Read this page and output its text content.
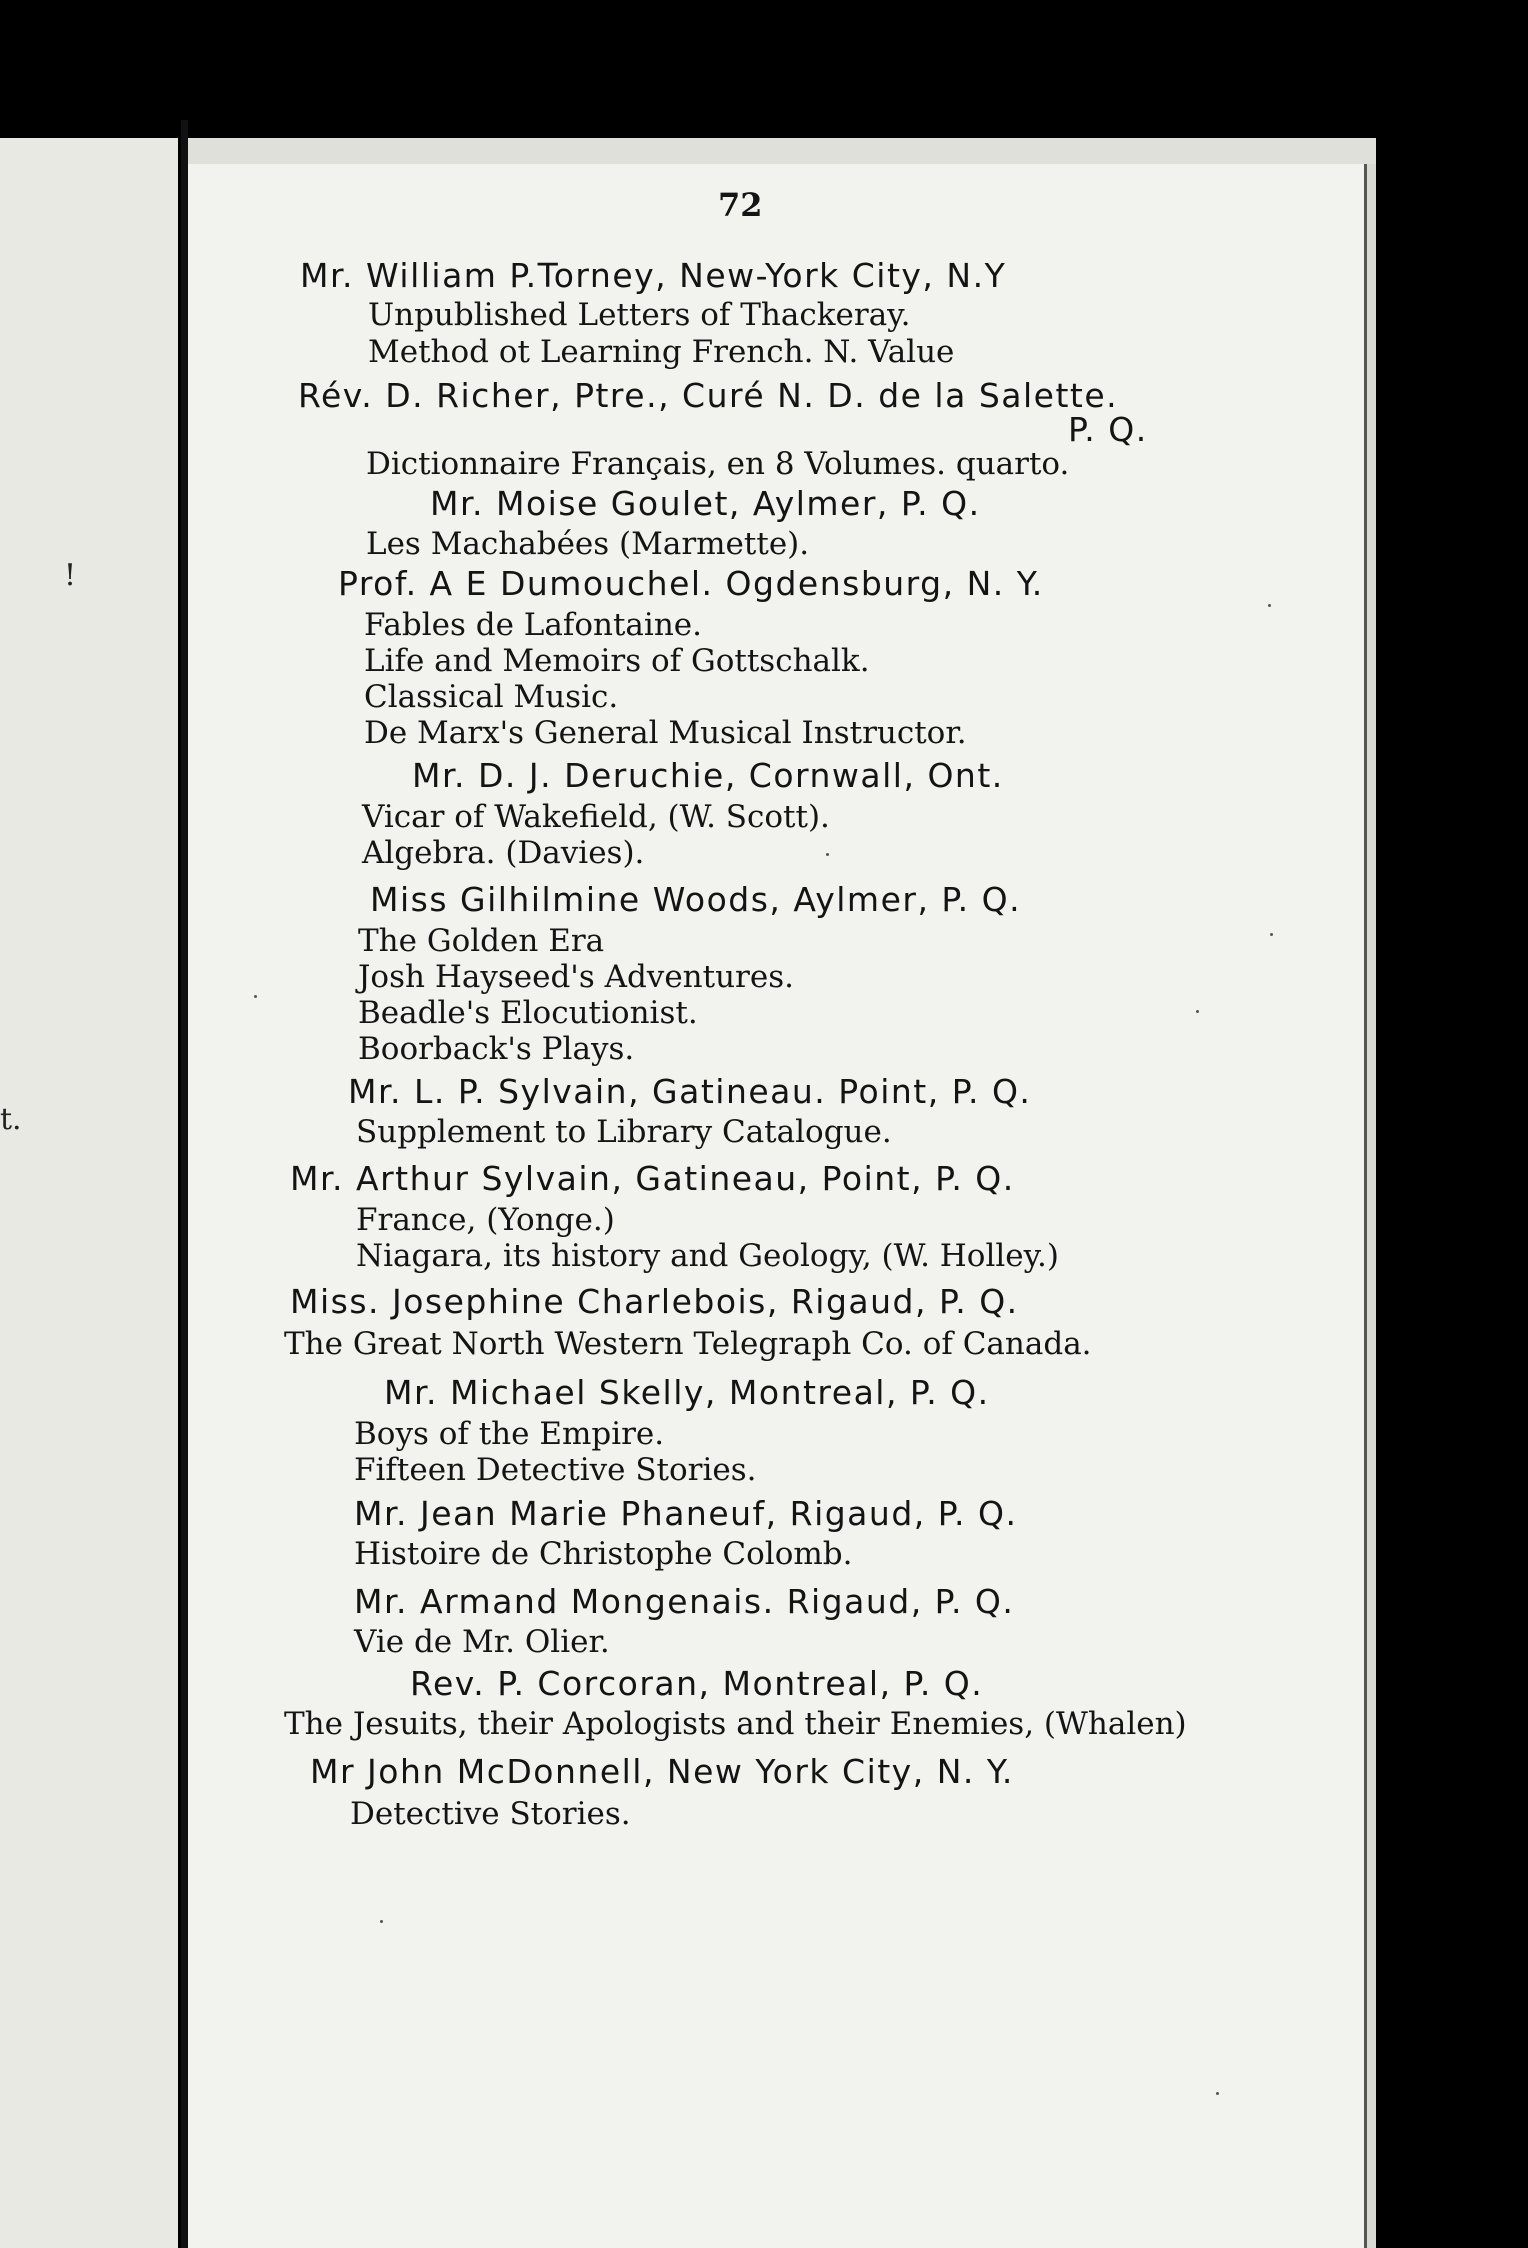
!
t.
72
Mr. William P.Torney, New-York City, N.Y
Unpublished Letters of Thackeray.
Method ot Learning French. N. Value
Rév. D. Richer, Ptre., Curé N. D. de la Salette.
P. Q.
Dictionnaire Français, en 8 Volumes. quarto.
Mr. Moise Goulet, Aylmer, P. Q.
Les Machabées (Marmette).
Prof. A E Dumouchel. Ogdensburg, N. Y.
Fables de Lafontaine.
Life and Memoirs of Gottschalk.
Classical Music.
De Marx's General Musical Instructor.
Mr. D. J. Deruchie, Cornwall, Ont.
Vicar of Wakefield, (W. Scott).
Algebra. (Davies).
Miss Gilhilmine Woods, Aylmer, P. Q.
The Golden Era
Josh Hayseed's Adventures.
Beadle's Elocutionist.
Boorback's Plays.
Mr. L. P. Sylvain, Gatineau. Point, P. Q.
Supplement to Library Catalogue.
Mr. Arthur Sylvain, Gatineau, Point, P. Q.
France, (Yonge.)
Niagara, its history and Geology, (W. Holley.)
Miss. Josephine Charlebois, Rigaud, P. Q.
The Great North Western Telegraph Co. of Canada.
Mr. Michael Skelly, Montreal, P. Q.
Boys of the Empire.
Fifteen Detective Stories.
Mr. Jean Marie Phaneuf, Rigaud, P. Q.
Histoire de Christophe Colomb.
Mr. Armand Mongenais. Rigaud, P. Q.
Vie de Mr. Olier.
Rev. P. Corcoran, Montreal, P. Q.
The Jesuits, their Apologists and their Enemies, (Whalen)
Mr John McDonnell, New York City, N. Y.
Detective Stories.
